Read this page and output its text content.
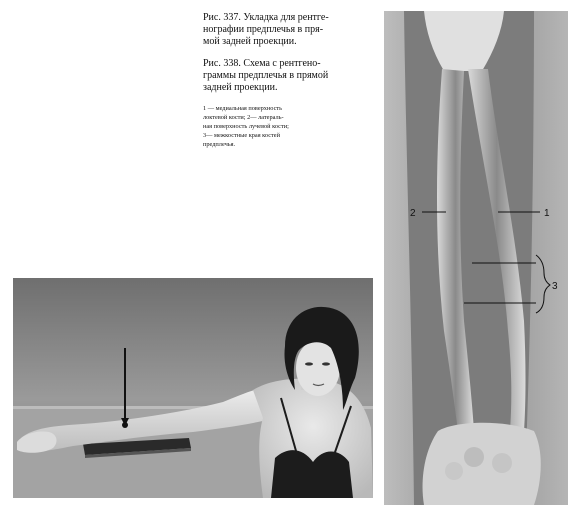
Рис. 337. Укладка для рентге-
нографии предплечья в пря-
мой задней проекции.

Рис. 338. Схема с рентгено-
граммы предплечья в прямой
задней проекции.

1 — медиальная поверхность
локтевой кости; 2— латераль-
ная поверхность лучевой кости;
3— межкостные края костей
предплечья.

2	1
3
